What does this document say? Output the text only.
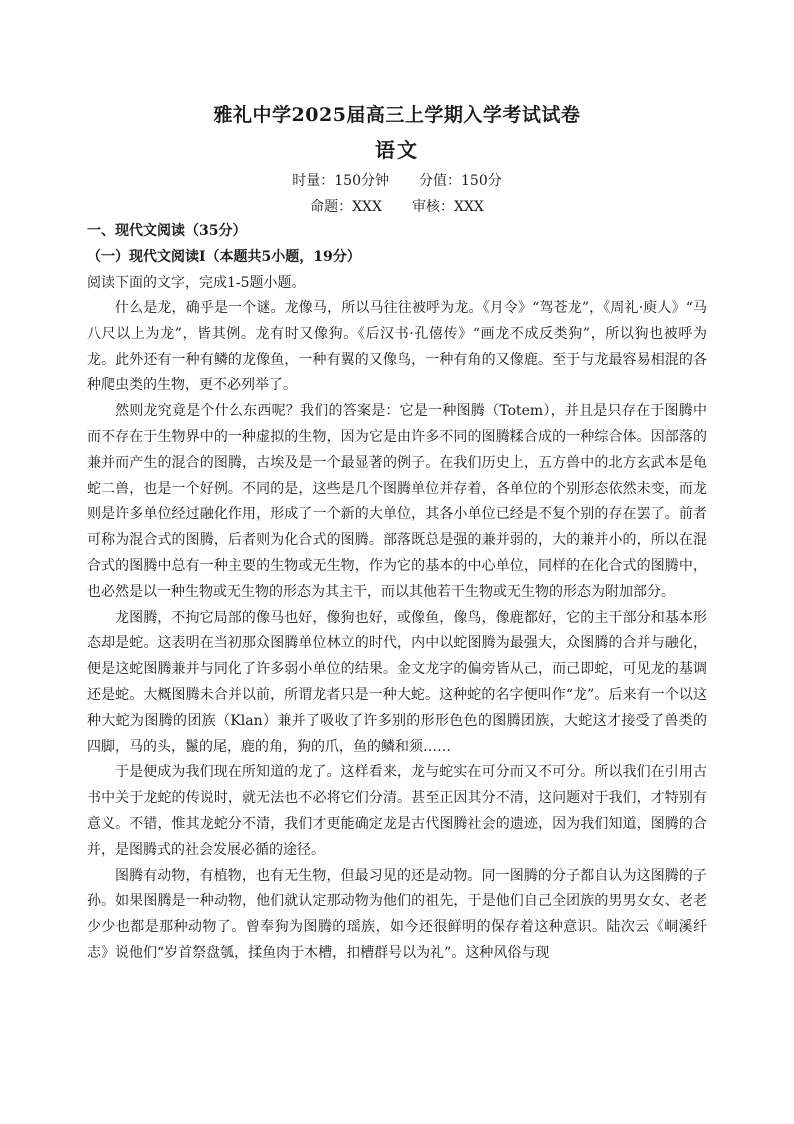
雅礼中学2025届高三上学期入学考试试卷
语文
时量：150分钟 分值：150分
命题：XXX 审核：XXX
一、现代文阅读（35分）
（一）现代文阅读Ⅰ（本题共5小题，19分）
阅读下面的文字，完成1-5题小题。

什么是龙，确乎是一个谜。龙像马，所以马往往被呼为龙。《月令》“驾苍龙”，《周礼·庾人》“马八尺以上为龙”，皆其例。龙有时又像狗。《后汉书·孔僖传》“画龙不成反类狗”，所以狗也被呼为龙。此外还有一种有鳞的龙像鱼，一种有翼的又像鸟，一种有角的又像鹿。至于与龙最容易相混的各种爬虫类的生物，更不必列举了。

然则龙究竟是个什么东西呢？我们的答案是：它是一种图腾（Totem），并且是只存在于图腾中而不存在于生物界中的一种虚拟的生物，因为它是由许多不同的图腾糅合成的一种综合体。因部落的兼并而产生的混合的图腾，古埃及是一个最显著的例子。在我们历史上，五方兽中的北方玄武本是龟蛇二兽，也是一个好例。不同的是，这些是几个图腾单位并存着，各单位的个别形态依然未变，而龙则是许多单位经过融化作用，形成了一个新的大单位，其各小单位已经是不复个别的存在罢了。前者可称为混合式的图腾，后者则为化合式的图腾。部落既总是强的兼并弱的，大的兼并小的，所以在混合式的图腾中总有一种主要的生物或无生物，作为它的基本的中心单位，同样的在化合式的图腾中，也必然是以一种生物或无生物的形态为其主干，而以其他若干生物或无生物的形态为附加部分。

龙图腾，不拘它局部的像马也好，像狗也好，或像鱼，像鸟，像鹿都好，它的主干部分和基本形态却是蛇。这表明在当初那众图腾单位林立的时代，内中以蛇图腾为最强大，众图腾的合并与融化，便是这蛇图腾兼并与同化了许多弱小单位的结果。金文龙字的偏旁皆从己，而己即蛇，可见龙的基调还是蛇。大概图腾未合并以前，所谓龙者只是一种大蛇。这种蛇的名字便叫作“龙”。后来有一个以这种大蛇为图腾的团族（Klan）兼并了吸收了许多别的形形色色的图腾团族，大蛇这才接受了兽类的四脚，马的头，鬣的尾，鹿的角，狗的爪，鱼的鳞和须……

于是便成为我们现在所知道的龙了。这样看来，龙与蛇实在可分而又不可分。所以我们在引用古书中关于龙蛇的传说时，就无法也不必将它们分清。甚至正因其分不清，这问题对于我们，才特别有意义。不错，惟其龙蛇分不清，我们才更能确定龙是古代图腾社会的遗迹，因为我们知道，图腾的合并，是图腾式的社会发展必循的途径。

图腾有动物，有植物，也有无生物，但最习见的还是动物。同一图腾的分子都自认为这图腾的子孙。如果图腾是一种动物，他们就认定那动物为他们的祖先，于是他们自己全团族的男男女女、老老少少也都是那种动物了。曾奉狗为图腾的瑶族，如今还很鲜明的保存着这种意识。陆次云《峒溪纤志》说他们“岁首祭盘瓠，揉鱼肉于木槽，扣槽群号以为礼”。这种风俗与现
